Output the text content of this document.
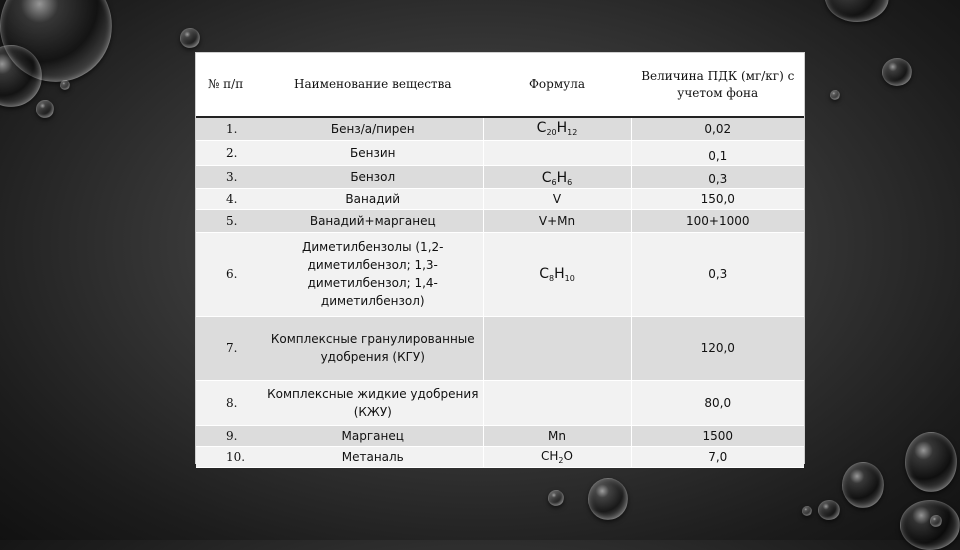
№ п/п	Наименование вещества	Формула	Величина ПДК (мг/кг) с учетом фона
1.	Бенз/а/пирен	$C_{20}H_{12}$	0,02
2.	Бензин		0,1
3.	Бензол	$C_6H_6$	0,3
4.	Ванадий	V	150,0
5.	Ванадий+марганец	V+Mn	100+1000
6.	Диметилбензолы (1,2-диметилбензол; 1,3-диметилбензол; 1,4-диметилбензол)	$C_8H_{10}$	0,3
7.	Комплексные гранулированные удобрения (КГУ)		120,0
8.	Комплексные жидкие удобрения (КЖУ)		80,0
9.	Марганец	Mn	1500
10.	Метаналь	$CH_2O$	7,0
